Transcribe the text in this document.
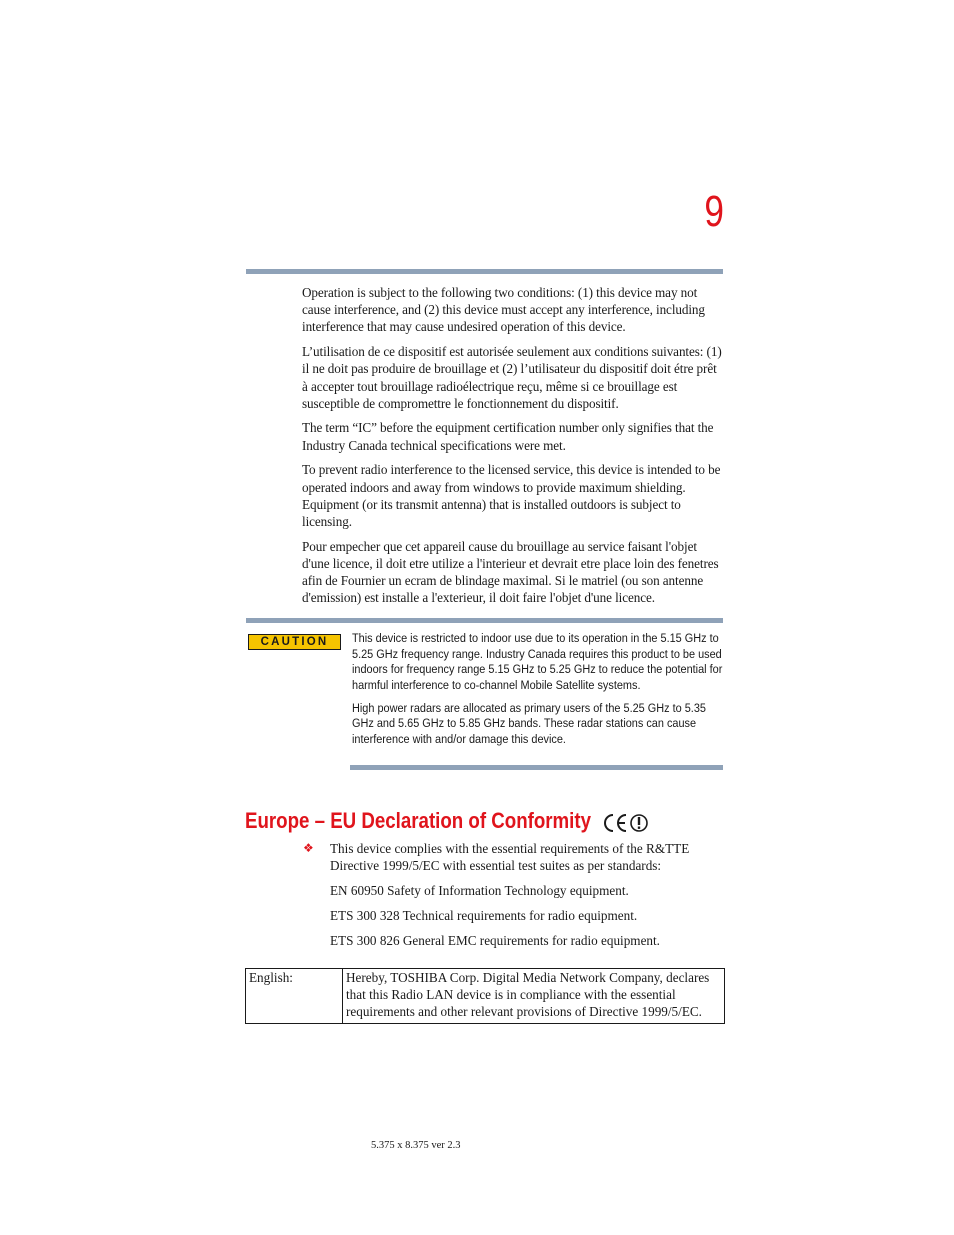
9

Operation is subject to the following two conditions: (1) this device may not cause interference, and (2) this device must accept any interference, including interference that may cause undesired operation of this device.

L’utilisation de ce dispositif est autorisée seulement aux conditions suivantes: (1) il ne doit pas produire de brouillage et (2) l’utilisateur du dispositif doit étre prêt à accepter tout brouillage radioélectrique reçu, même si ce brouillage est susceptible de compromettre le fonctionnement du dispositif.

The term “IC” before the equipment certification number only signifies that the Industry Canada technical specifications were met.

To prevent radio interference to the licensed service, this device is intended to be operated indoors and away from windows to provide maximum shielding. Equipment (or its transmit antenna) that is installed outdoors is subject to licensing.

Pour empecher que cet appareil cause du brouillage au service faisant l'objet d'une licence, il doit etre utilize a l'interieur et devrait etre place loin des fenetres afin de Fournier un ecram de blindage maximal. Si le matriel (ou son antenne d'emission) est installe a l'exterieur, il doit faire l'objet d'une licence.

CAUTION	This device is restricted to indoor use due to its operation in the 5.15 GHz to 5.25 GHz frequency range. Industry Canada requires this product to be used indoors for frequency range 5.15 GHz to 5.25 GHz to reduce the potential for harmful interference to co-channel Mobile Satellite systems.

High power radars are allocated as primary users of the 5.25 GHz to 5.35 GHz and 5.65 GHz to 5.85 GHz bands. These radar stations can cause interference with and/or damage this device.

Europe – EU Declaration of Conformity
❖ This device complies with the essential requirements of the R&TTE Directive 1999/5/EC with essential test suites as per standards:

EN 60950 Safety of Information Technology equipment.

ETS 300 328 Technical requirements for radio equipment.

ETS 300 826 General EMC requirements for radio equipment.

English:	Hereby, TOSHIBA Corp. Digital Media Network Company, declares that this Radio LAN device is in compliance with the essential requirements and other relevant provisions of Directive 1999/5/EC.
5.375 x 8.375 ver 2.3
